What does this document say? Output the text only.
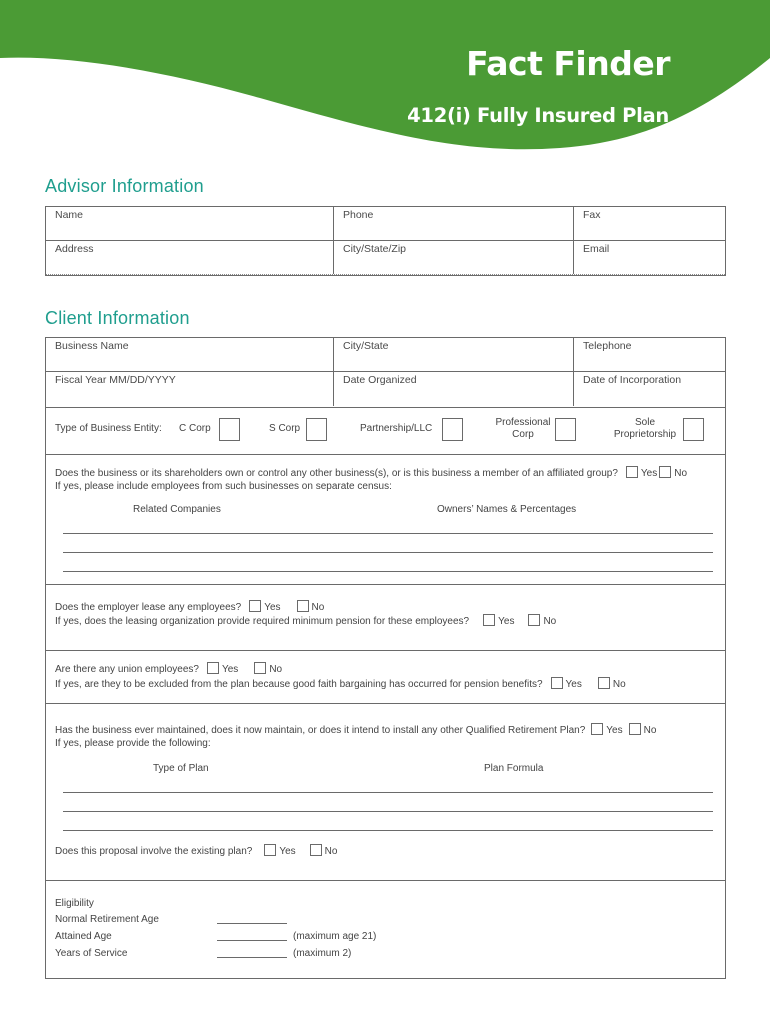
Fact Finder
412(i) Fully Insured Plan
Advisor Information
Name	Phone	Fax
Address	City/State/Zip	Email
Client Information
Business Name	City/State	Telephone
Fiscal Year MM/DD/YYYY	Date Organized	Date of Incorporation
Type of Business Entity: C Corp	S Corp	Partnership/LLC
Professional
Corp
Sole
Proprietorship
Does the business or its shareholders own or control any other business(s), or is this business a member of an affiliated group? Yes No
If yes, please include employees from such businesses on separate census:
Related Companies	Owners’ Names & Percentages
Does the employer lease any employees? Yes	No
If yes, does the leasing organization provide required minimum pension for these employees?	Yes	No
Are there any union employees? Yes	No
If yes, are they to be excluded from the plan because good faith bargaining has occurred for pension benefits? Yes	No
Has the business ever maintained, does it now maintain, or does it intend to install any other Qualified Retirement Plan? Yes No
If yes, please provide the following:
Type of Plan	Plan Formula
Does this proposal involve the existing plan?	Yes	No
Eligibility
Normal Retirement Age
Attained Age	(maximum age 21)
Years of Service	(maximum 2)
